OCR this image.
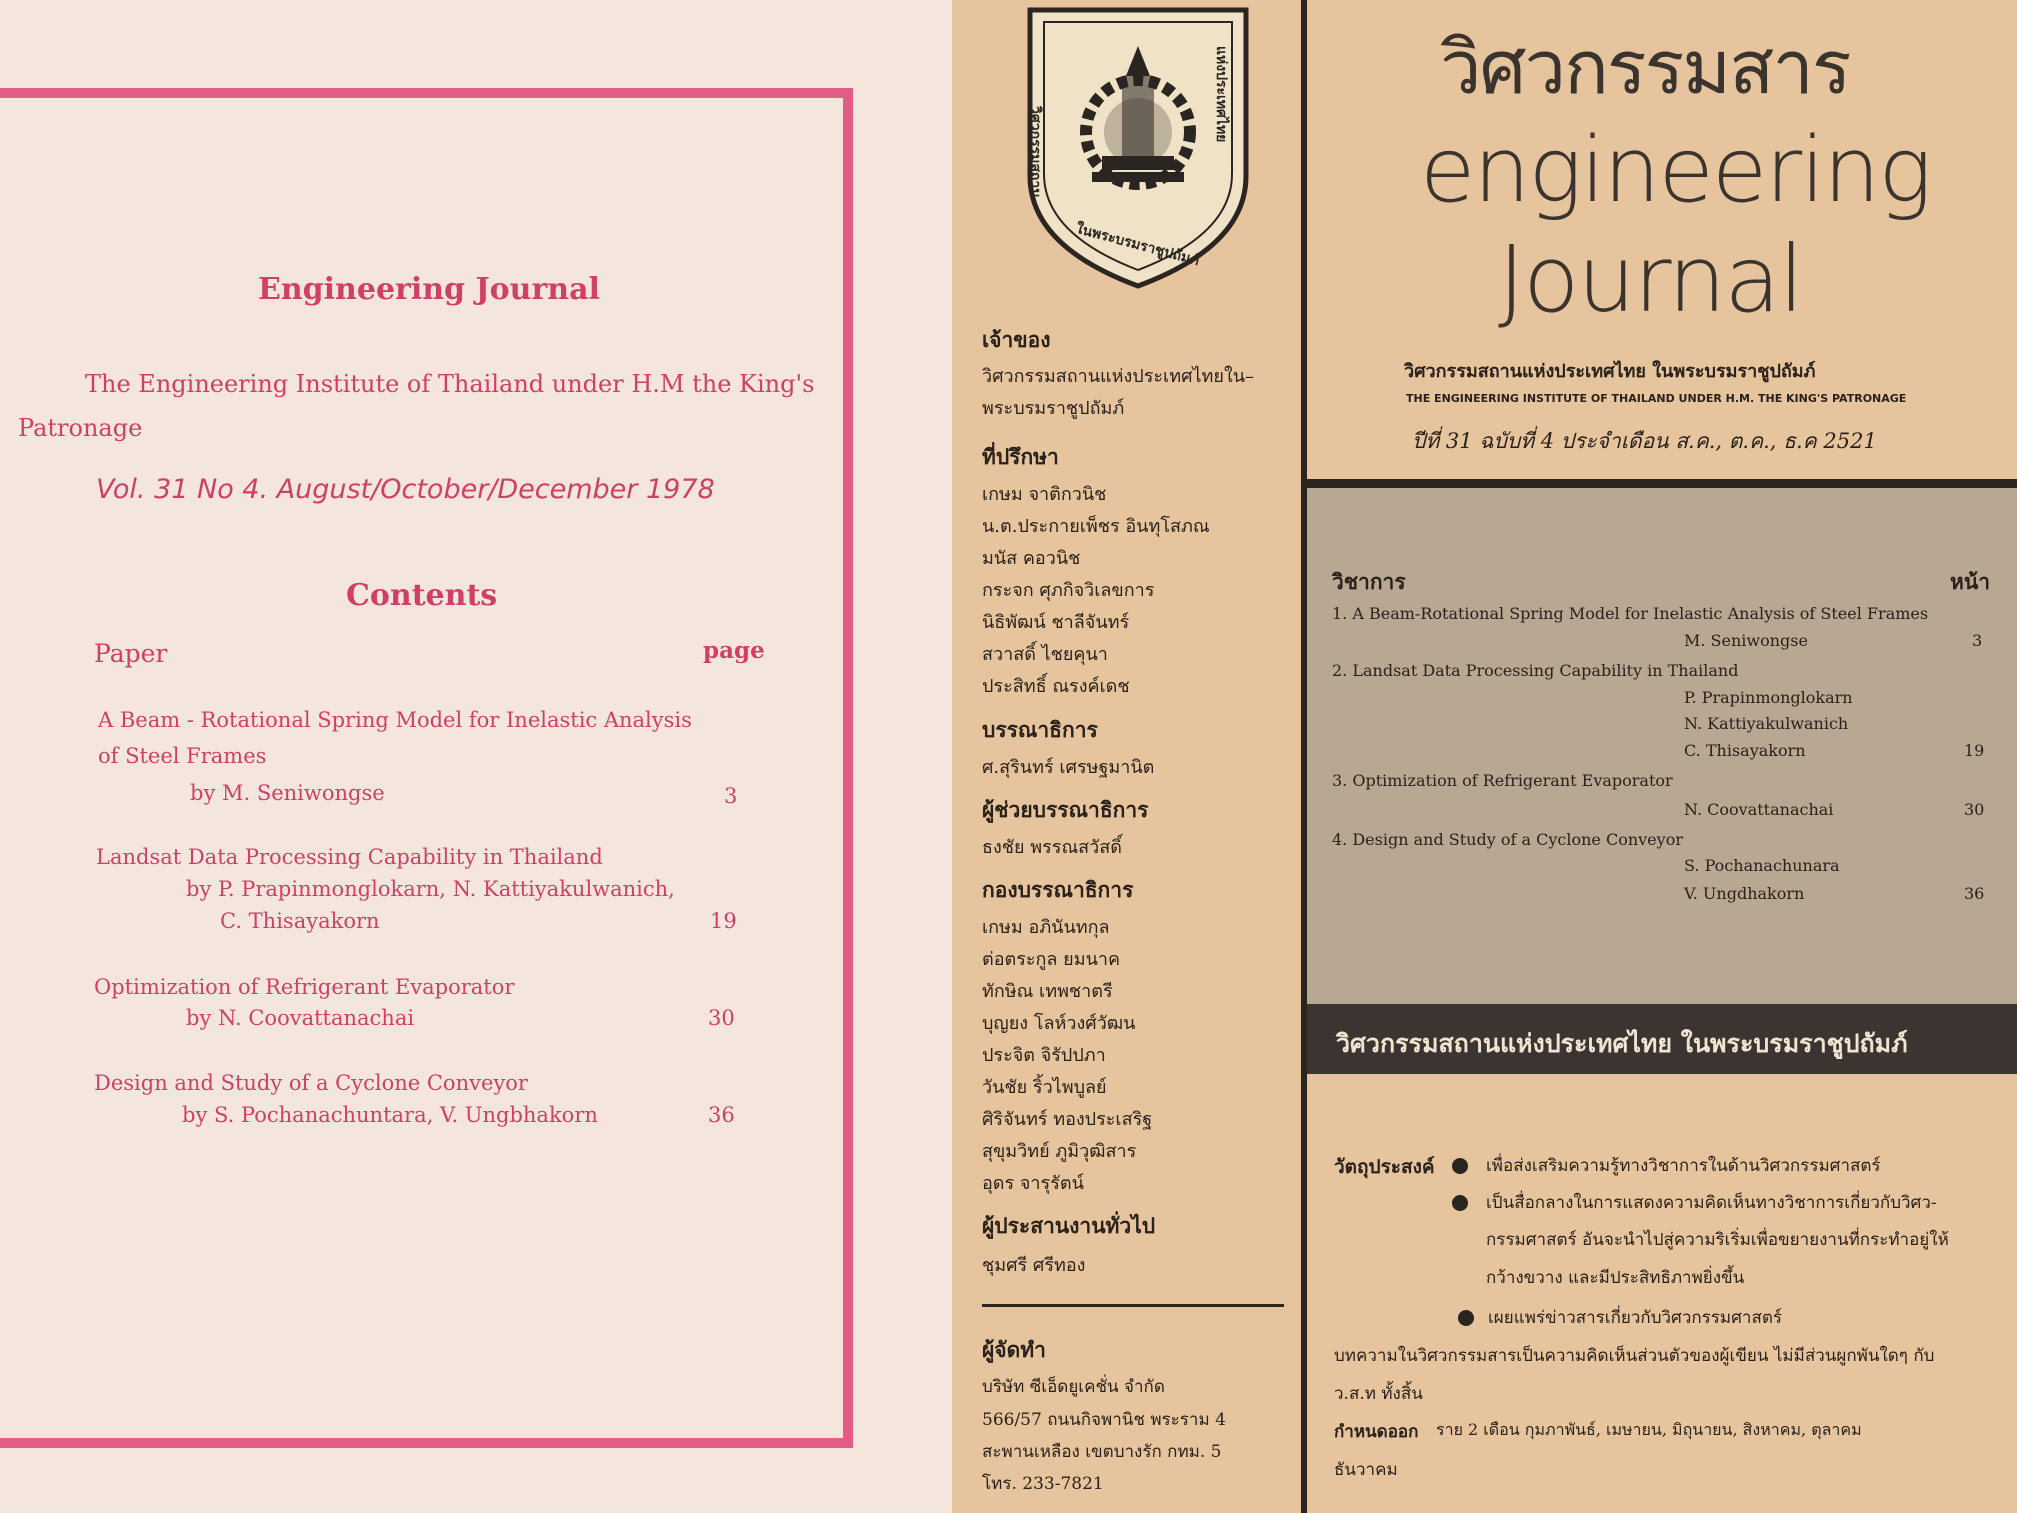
Engineering Journal
The Engineering Institute of Thailand under H.M the King's
Patronage
Vol. 31 No 4. August/October/December 1978
Contents
Paper	page
A Beam - Rotational Spring Model for Inelastic Analysis
of Steel Frames
by M. Seniwongse	3
Landsat Data Processing Capability in Thailand
by P. Prapinmonglokarn, N. Kattiyakulwanich,
C. Thisayakorn	19
Optimization of Refrigerant Evaporator
by N. Coovattanachai	30
Design and Study of a Cyclone Conveyor
by S. Pochanachuntara, V. Ungbhakorn	36
วิศวกรรมสถาน
แห่งประเทศไทย
ในพระบรมราชูปถัมภ์
เจ้าของ
วิศวกรรมสถานแห่งประเทศไทยใน–
พระบรมราชูปถัมภ์
ที่ปรึกษา
เกษม จาติกวนิช
น.ต.ประกายเพ็ชร อินทุโสภณ
มนัส คอวนิช
กระจก ศุภกิจวิเลขการ
นิธิพัฒน์ ชาลีจันทร์
สวาสดิ์ ไชยคุนา
ประสิทธิ์ ณรงค์เดช
บรรณาธิการ
ศ.สุรินทร์ เศรษฐมานิต
ผู้ช่วยบรรณาธิการ
ธงชัย พรรณสวัสดิ์
กองบรรณาธิการ
เกษม อภินันทกุล
ต่อตระกูล ยมนาค
ทักษิณ เทพชาตรี
บุญยง โลห์วงศ์วัฒน
ประจิต จิรัปปภา
วันชัย ริ้วไพบูลย์
ศิริจันทร์ ทองประเสริฐ
สุขุมวิทย์ ภูมิวุฒิสาร
อุดร จารุรัตน์
ผู้ประสานงานทั่วไป
ชุมศรี ศรีทอง
ผู้จัดทำ
บริษัท ซีเอ็ดยูเคชั่น จำกัด
566/57 ถนนกิจพานิช พระราม 4
สะพานเหลือง เขตบางรัก กทม. 5
โทร. 233-7821
วิศวกรรมสาร
engineering
Journal
วิศวกรรมสถานแห่งประเทศไทย ในพระบรมราชูปถัมภ์
THE ENGINEERING INSTITUTE OF THAILAND UNDER H.M. THE KING'S PATRONAGE
ปีที่ 31 ฉบับที่ 4 ประจำเดือน ส.ค., ต.ค., ธ.ค 2521
วิชาการ	หน้า
1. A Beam-Rotational Spring Model for Inelastic Analysis of Steel Frames
M. Seniwongse	3
2. Landsat Data Processing Capability in Thailand
P. Prapinmonglokarn
N. Kattiyakulwanich
C. Thisayakorn	19
3. Optimization of Refrigerant Evaporator
N. Coovattanachai	30
4. Design and Study of a Cyclone Conveyor
S. Pochanachunara
V. Ungdhakorn	36
วิศวกรรมสถานแห่งประเทศไทย ในพระบรมราชูปถัมภ์
วัตถุประสงค์	เพื่อส่งเสริมความรู้ทางวิชาการในด้านวิศวกรรมศาสตร์
เป็นสื่อกลางในการแสดงความคิดเห็นทางวิชาการเกี่ยวกับวิศว-
กรรมศาสตร์ อันจะนำไปสู่ความริเริ่มเพื่อขยายงานที่กระทำอยู่ให้
กว้างขวาง และมีประสิทธิภาพยิ่งขึ้น
เผยแพร่ข่าวสารเกี่ยวกับวิศวกรรมศาสตร์
บทความในวิศวกรรมสารเป็นความคิดเห็นส่วนตัวของผู้เขียน ไม่มีส่วนผูกพันใดๆ กับ
ว.ส.ท ทั้งสิ้น
กำหนดออก ราย 2 เดือน กุมภาพันธ์, เมษายน, มิถุนายน, สิงหาคม, ตุลาคม
ธันวาคม
